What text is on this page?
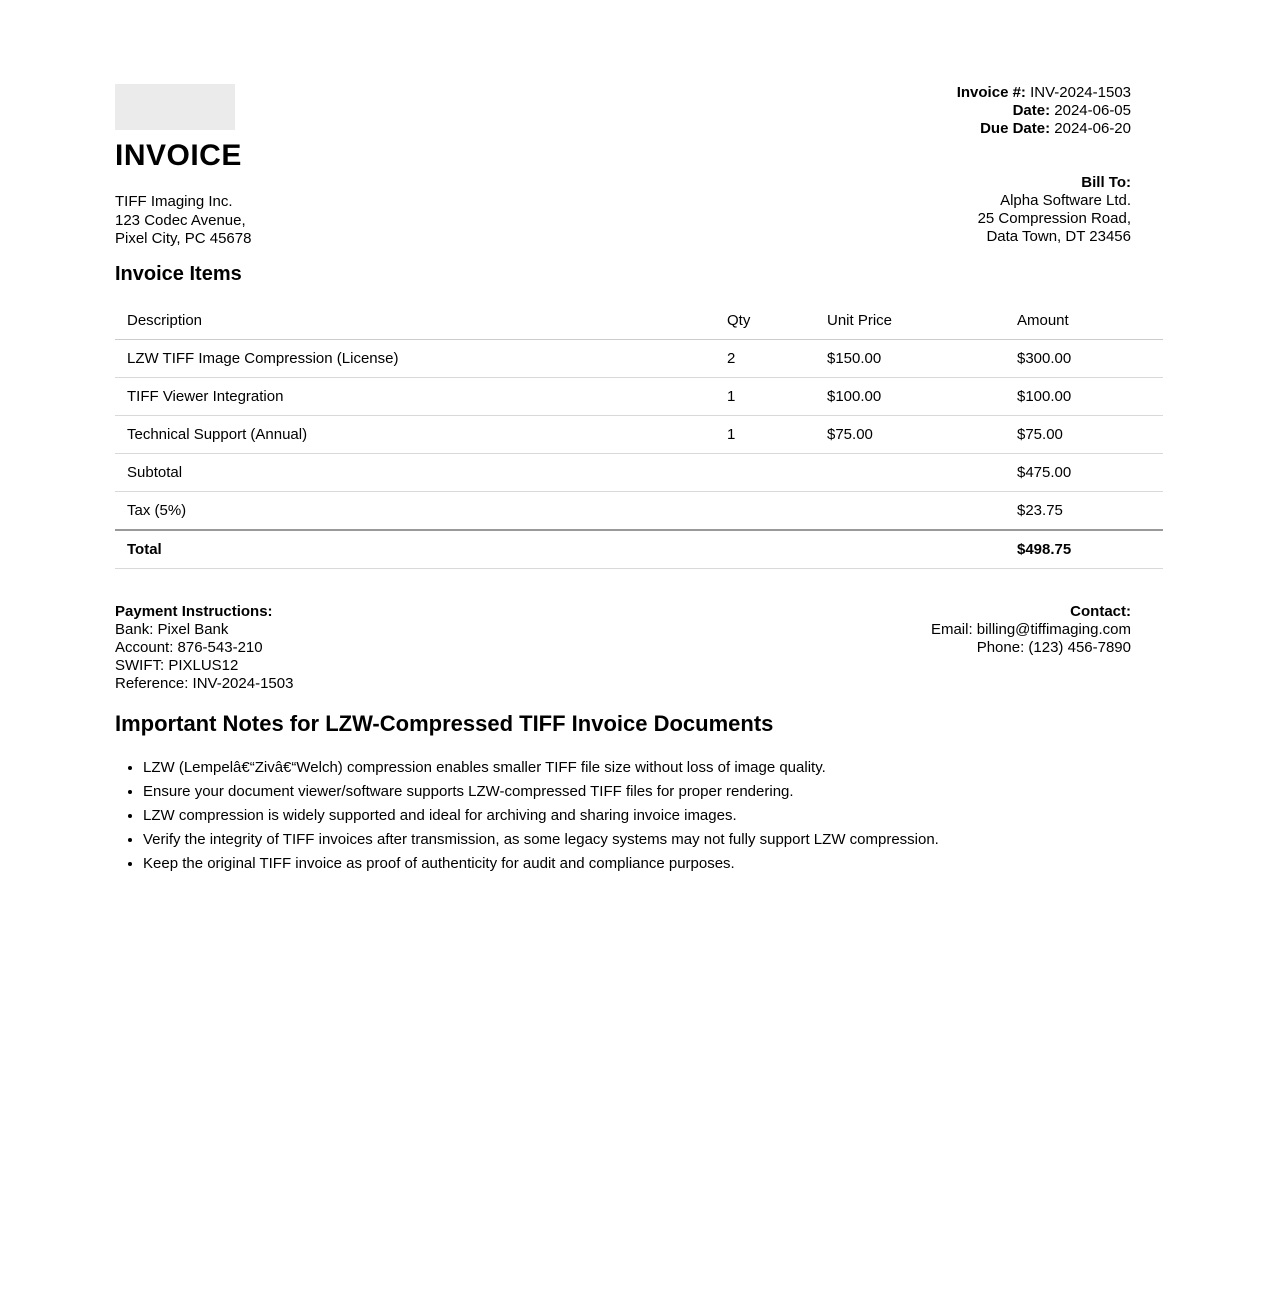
INVOICE
TIFF Imaging Inc.
123 Codec Avenue,
Pixel City, PC 45678
Invoice #: INV-2024-1503
Date: 2024-06-05
Due Date: 2024-06-20
Bill To:
Alpha Software Ltd.
25 Compression Road,
Data Town, DT 23456
Invoice Items
Description	Qty	Unit Price	Amount
LZW TIFF Image Compression (License)	2	$150.00	$300.00
TIFF Viewer Integration	1	$100.00	$100.00
Technical Support (Annual)	1	$75.00	$75.00
Subtotal			$475.00
Tax (5%)			$23.75
Total			$498.75
Payment Instructions:
Bank: Pixel Bank
Account: 876-543-210
SWIFT: PIXLUS12
Reference: INV-2024-1503
Contact:
Email: billing@tiffimaging.com
Phone: (123) 456-7890
Important Notes for LZW-Compressed TIFF Invoice Documents
• LZW (Lempelâ€“Zivâ€“Welch) compression enables smaller TIFF file size without loss of image quality.
• Ensure your document viewer/software supports LZW-compressed TIFF files for proper rendering.
• LZW compression is widely supported and ideal for archiving and sharing invoice images.
• Verify the integrity of TIFF invoices after transmission, as some legacy systems may not fully support LZW compression.
• Keep the original TIFF invoice as proof of authenticity for audit and compliance purposes.
